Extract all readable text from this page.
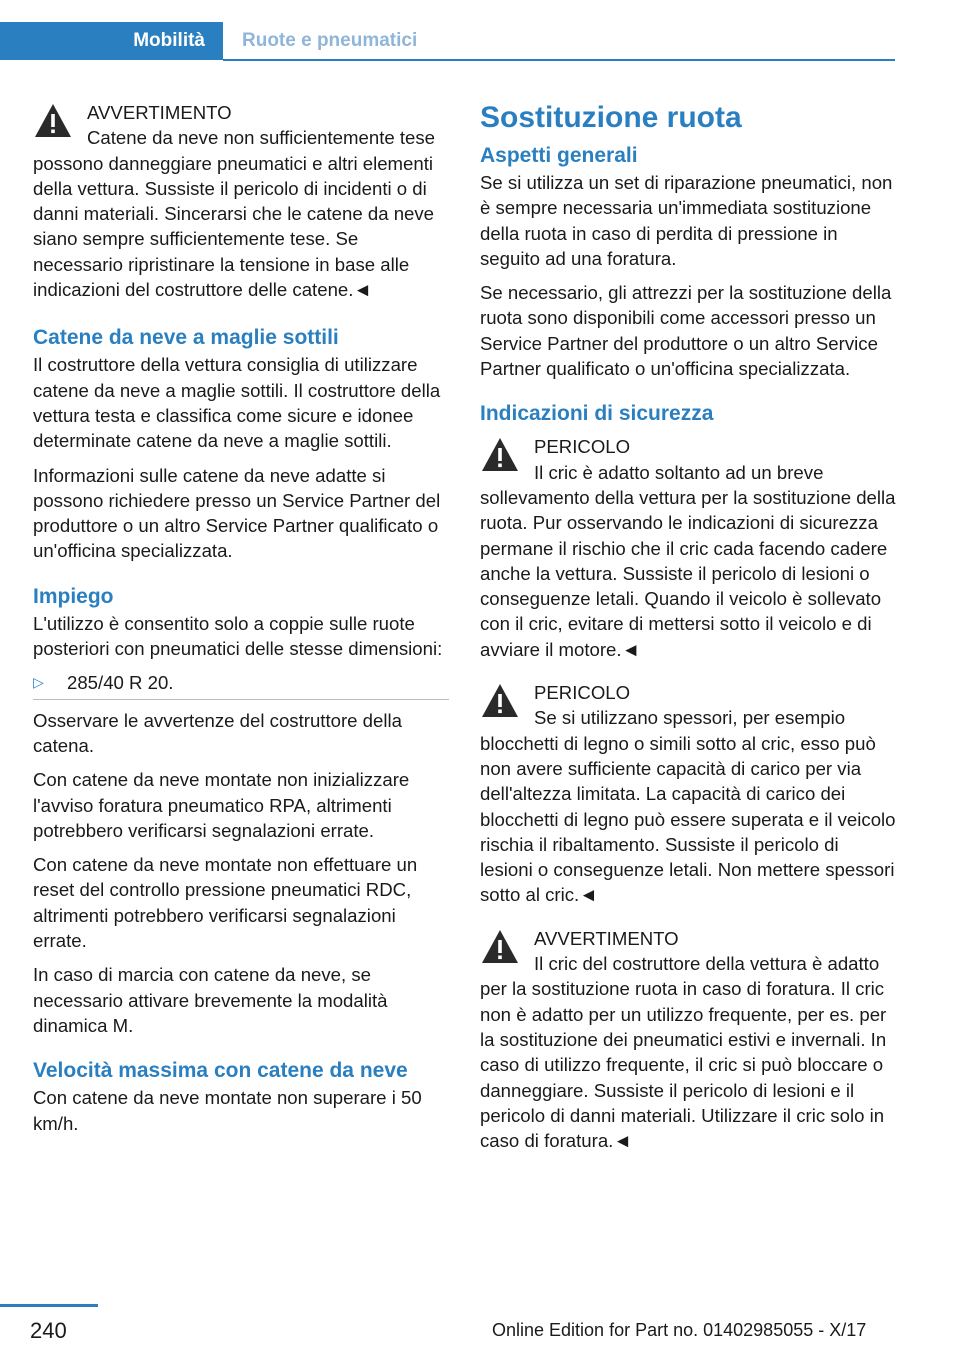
Mobilità	Ruote e pneumatici
AVVERTIMENTO
Catene da neve non sufficientemente tese possono danneggiare pneumatici e altri elementi della vettura. Sussiste il pericolo di incidenti o di danni materiali. Sincerarsi che le catene da neve siano sempre sufficientemente tese. Se necessario ripristinare la tensione in base alle indicazioni del costruttore delle catene.◄
Catene da neve a maglie sottili

Il costruttore della vettura consiglia di utilizzare catene da neve a maglie sottili. Il costruttore della vettura testa e classifica come sicure e idonee determinate catene da neve a maglie sottili.

Informazioni sulle catene da neve adatte si possono richiedere presso un Service Partner del produttore o un altro Service Partner qualificato o un'officina specializzata.

Impiego

L'utilizzo è consentito solo a coppie sulle ruote posteriori con pneumatici delle stesse dimensioni:

▷	285/40 R 20.

Osservare le avvertenze del costruttore della catena.

Con catene da neve montate non inizializzare l'avviso foratura pneumatico RPA, altrimenti potrebbero verificarsi segnalazioni errate.

Con catene da neve montate non effettuare un reset del controllo pressione pneumatici RDC, altrimenti potrebbero verificarsi segnalazioni errate.

In caso di marcia con catene da neve, se necessario attivare brevemente la modalità dinamica M.

Velocità massima con catene da neve

Con catene da neve montate non superare i 50 km/h.

Sostituzione ruota
Aspetti generali

Se si utilizza un set di riparazione pneumatici, non è sempre necessaria un'immediata sostituzione della ruota in caso di perdita di pressione in seguito ad una foratura.

Se necessario, gli attrezzi per la sostituzione della ruota sono disponibili come accessori presso un Service Partner del produttore o un altro Service Partner qualificato o un'officina specializzata.

Indicazioni di sicurezza
PERICOLO
Il cric è adatto soltanto ad un breve sollevamento della vettura per la sostituzione della ruota. Pur osservando le indicazioni di sicurezza permane il rischio che il cric cada facendo cadere anche la vettura. Sussiste il pericolo di lesioni o conseguenze letali. Quando il veicolo è sollevato con il cric, evitare di mettersi sotto il veicolo e di avviare il motore.◄
PERICOLO
Se si utilizzano spessori, per esempio blocchetti di legno o simili sotto al cric, esso può non avere sufficiente capacità di carico per via dell'altezza limitata. La capacità di carico dei blocchetti di legno può essere superata e il veicolo rischia il ribaltamento. Sussiste il pericolo di lesioni o conseguenze letali. Non mettere spessori sotto al cric.◄
AVVERTIMENTO
Il cric del costruttore della vettura è adatto per la sostituzione ruota in caso di foratura. Il cric non è adatto per un utilizzo frequente, per es. per la sostituzione dei pneumatici estivi e invernali. In caso di utilizzo frequente, il cric si può bloccare o danneggiare. Sussiste il pericolo di lesioni e il pericolo di danni materiali. Utilizzare il cric solo in caso di foratura.◄
240	Online Edition for Part no. 01402985055 - X/17
